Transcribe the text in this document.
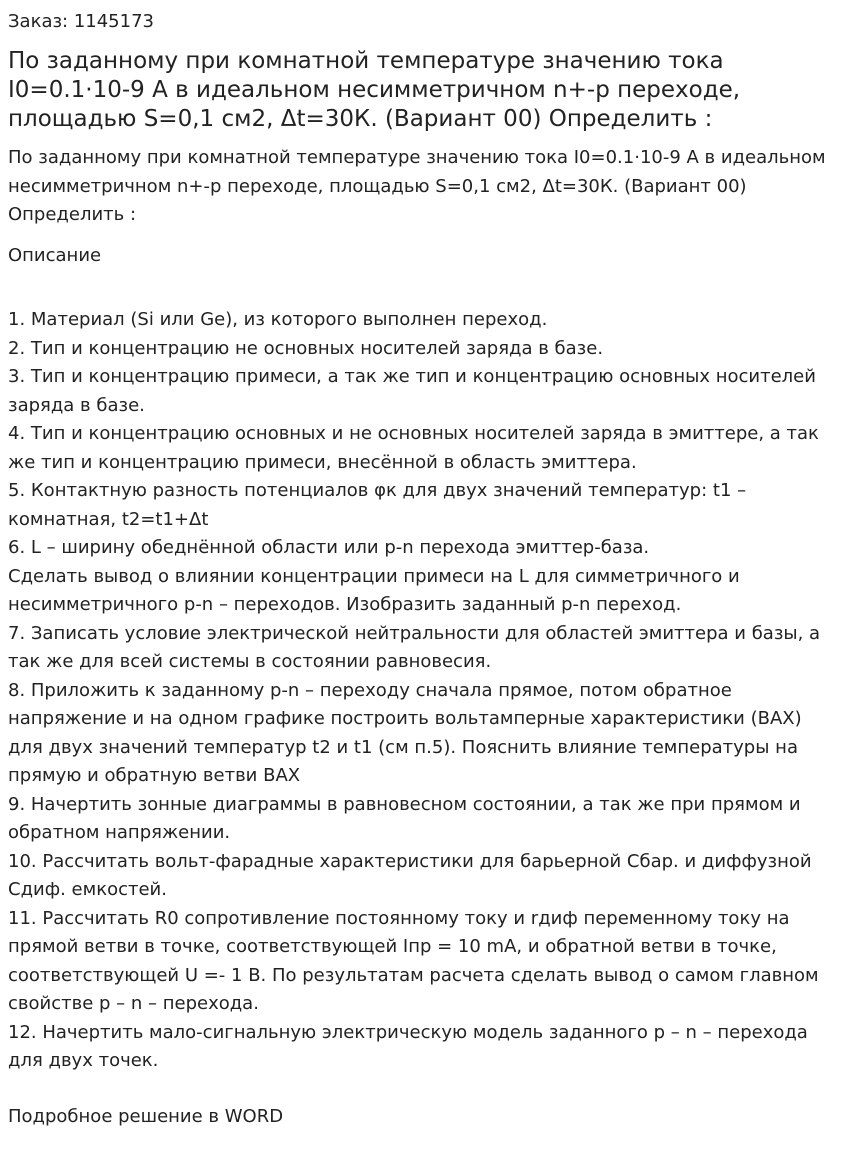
Заказ: 1145173
По заданному при комнатной температуре значению тока I0=0.1·10-9 А в идеальном несимметричном n+-p переходе, площадью S=0,1 см2, Δt=30К. (Вариант 00) Определить :

По заданному при комнатной температуре значению тока I0=0.1·10-9 А в идеальном несимметричном n+-p переходе, площадью S=0,1 см2, Δt=30К. (Вариант 00) Определить :

Описание

1. Материал (Si или Ge), из которого выполнен переход.
2. Тип и концентрацию не основных носителей заряда в базе.
3. Тип и концентрацию примеси, а так же тип и концентрацию основных носителей заряда в базе.
4. Тип и концентрацию основных и не основных носителей заряда в эмиттере, а так же тип и концентрацию примеси, внесённой в область эмиттера.
5. Контактную разность потенциалов φк для двух значений температур: t1 – комнатная, t2=t1+Δt
6. L – ширину обеднённой области или p-n перехода эмиттер-база.
Сделать вывод о влиянии концентрации примеси на L для симметричного и несимметричного p-n – переходов. Изобразить заданный p-n переход.
7. Записать условие электрической нейтральности для областей эмиттера и базы, а так же для всей системы в состоянии равновесия.
8. Приложить к заданному p-n – переходу сначала прямое, потом обратное напряжение и на одном графике построить вольтамперные характеристики (ВАХ) для двух значений температур t2 и t1 (см п.5). Пояснить влияние температуры на прямую и обратную ветви ВАХ
9. Начертить зонные диаграммы в равновесном состоянии, а так же при прямом и обратном напряжении.
10. Рассчитать вольт-фарадные характеристики для барьерной Сбар. и диффузной Сдиф. емкостей.
11. Рассчитать R0 сопротивление постоянному току и rдиф переменному току на прямой ветви в точке, соответствующей Iпр = 10 mA, и обратной ветви в точке, соответствующей U =- 1 В. По результатам расчета сделать вывод о самом главном свойстве p – n – перехода.
12. Начертить мало-сигнальную электрическую модель заданного p – n – перехода для двух точек.

Подробное решение в WORD
